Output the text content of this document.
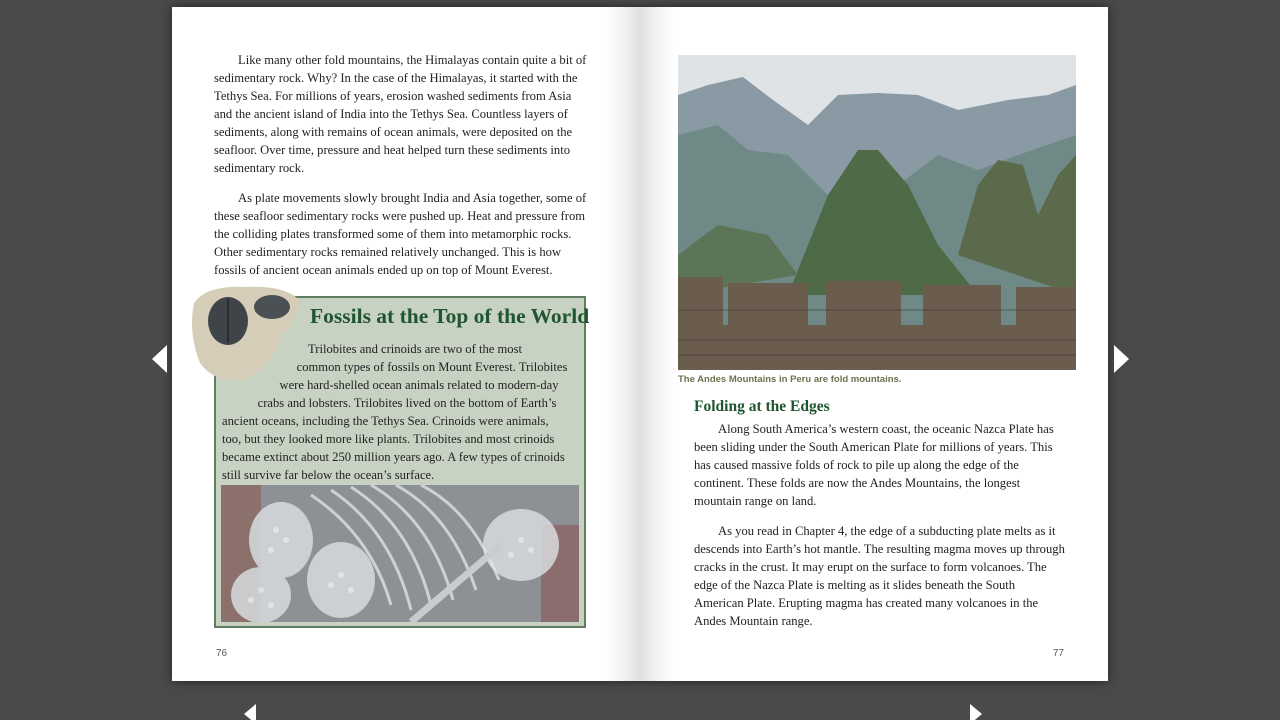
Like many other fold mountains, the Himalayas contain quite a bit of sedimentary rock. Why? In the case of the Himalayas, it started with the Tethys Sea. For millions of years, erosion washed sediments from Asia and the ancient island of India into the Tethys Sea. Countless layers of sediments, along with remains of ocean animals, were deposited on the seafloor. Over time, pressure and heat helped turn these sediments into sedimentary rock.

As plate movements slowly brought India and Asia together, some of these seafloor sedimentary rocks were pushed up. Heat and pressure from the colliding plates transformed some of them into metamorphic rocks. Other sedimentary rocks remained relatively unchanged. This is how fossils of ancient ocean animals ended up on top of Mount Everest.

Fossils at the Top of the World
Trilobites and crinoids are two of the most
common types of fossils on Mount Everest. Trilobites
were hard-shelled ocean animals related to modern-day
crabs and lobsters. Trilobites lived on the bottom of Earth’s
ancient oceans, including the Tethys Sea. Crinoids were animals,
too, but they looked more like plants. Trilobites and most crinoids
became extinct about 250 million years ago. A few types of crinoids
still survive far below the ocean’s surface.
76
The Andes Mountains in Peru are fold mountains.
Folding at the Edges

Along South America’s western coast, the oceanic Nazca Plate has been sliding under the South American Plate for millions of years. This has caused massive folds of rock to pile up along the edge of the continent. These folds are now the Andes Mountains, the longest mountain range on land.

As you read in Chapter 4, the edge of a subducting plate melts as it descends into Earth’s hot mantle. The resulting magma moves up through cracks in the crust. It may erupt on the surface to form volcanoes. The edge of the Nazca Plate is melting as it slides beneath the South American Plate. Erupting magma has created many volcanoes in the Andes Mountain range.

77
